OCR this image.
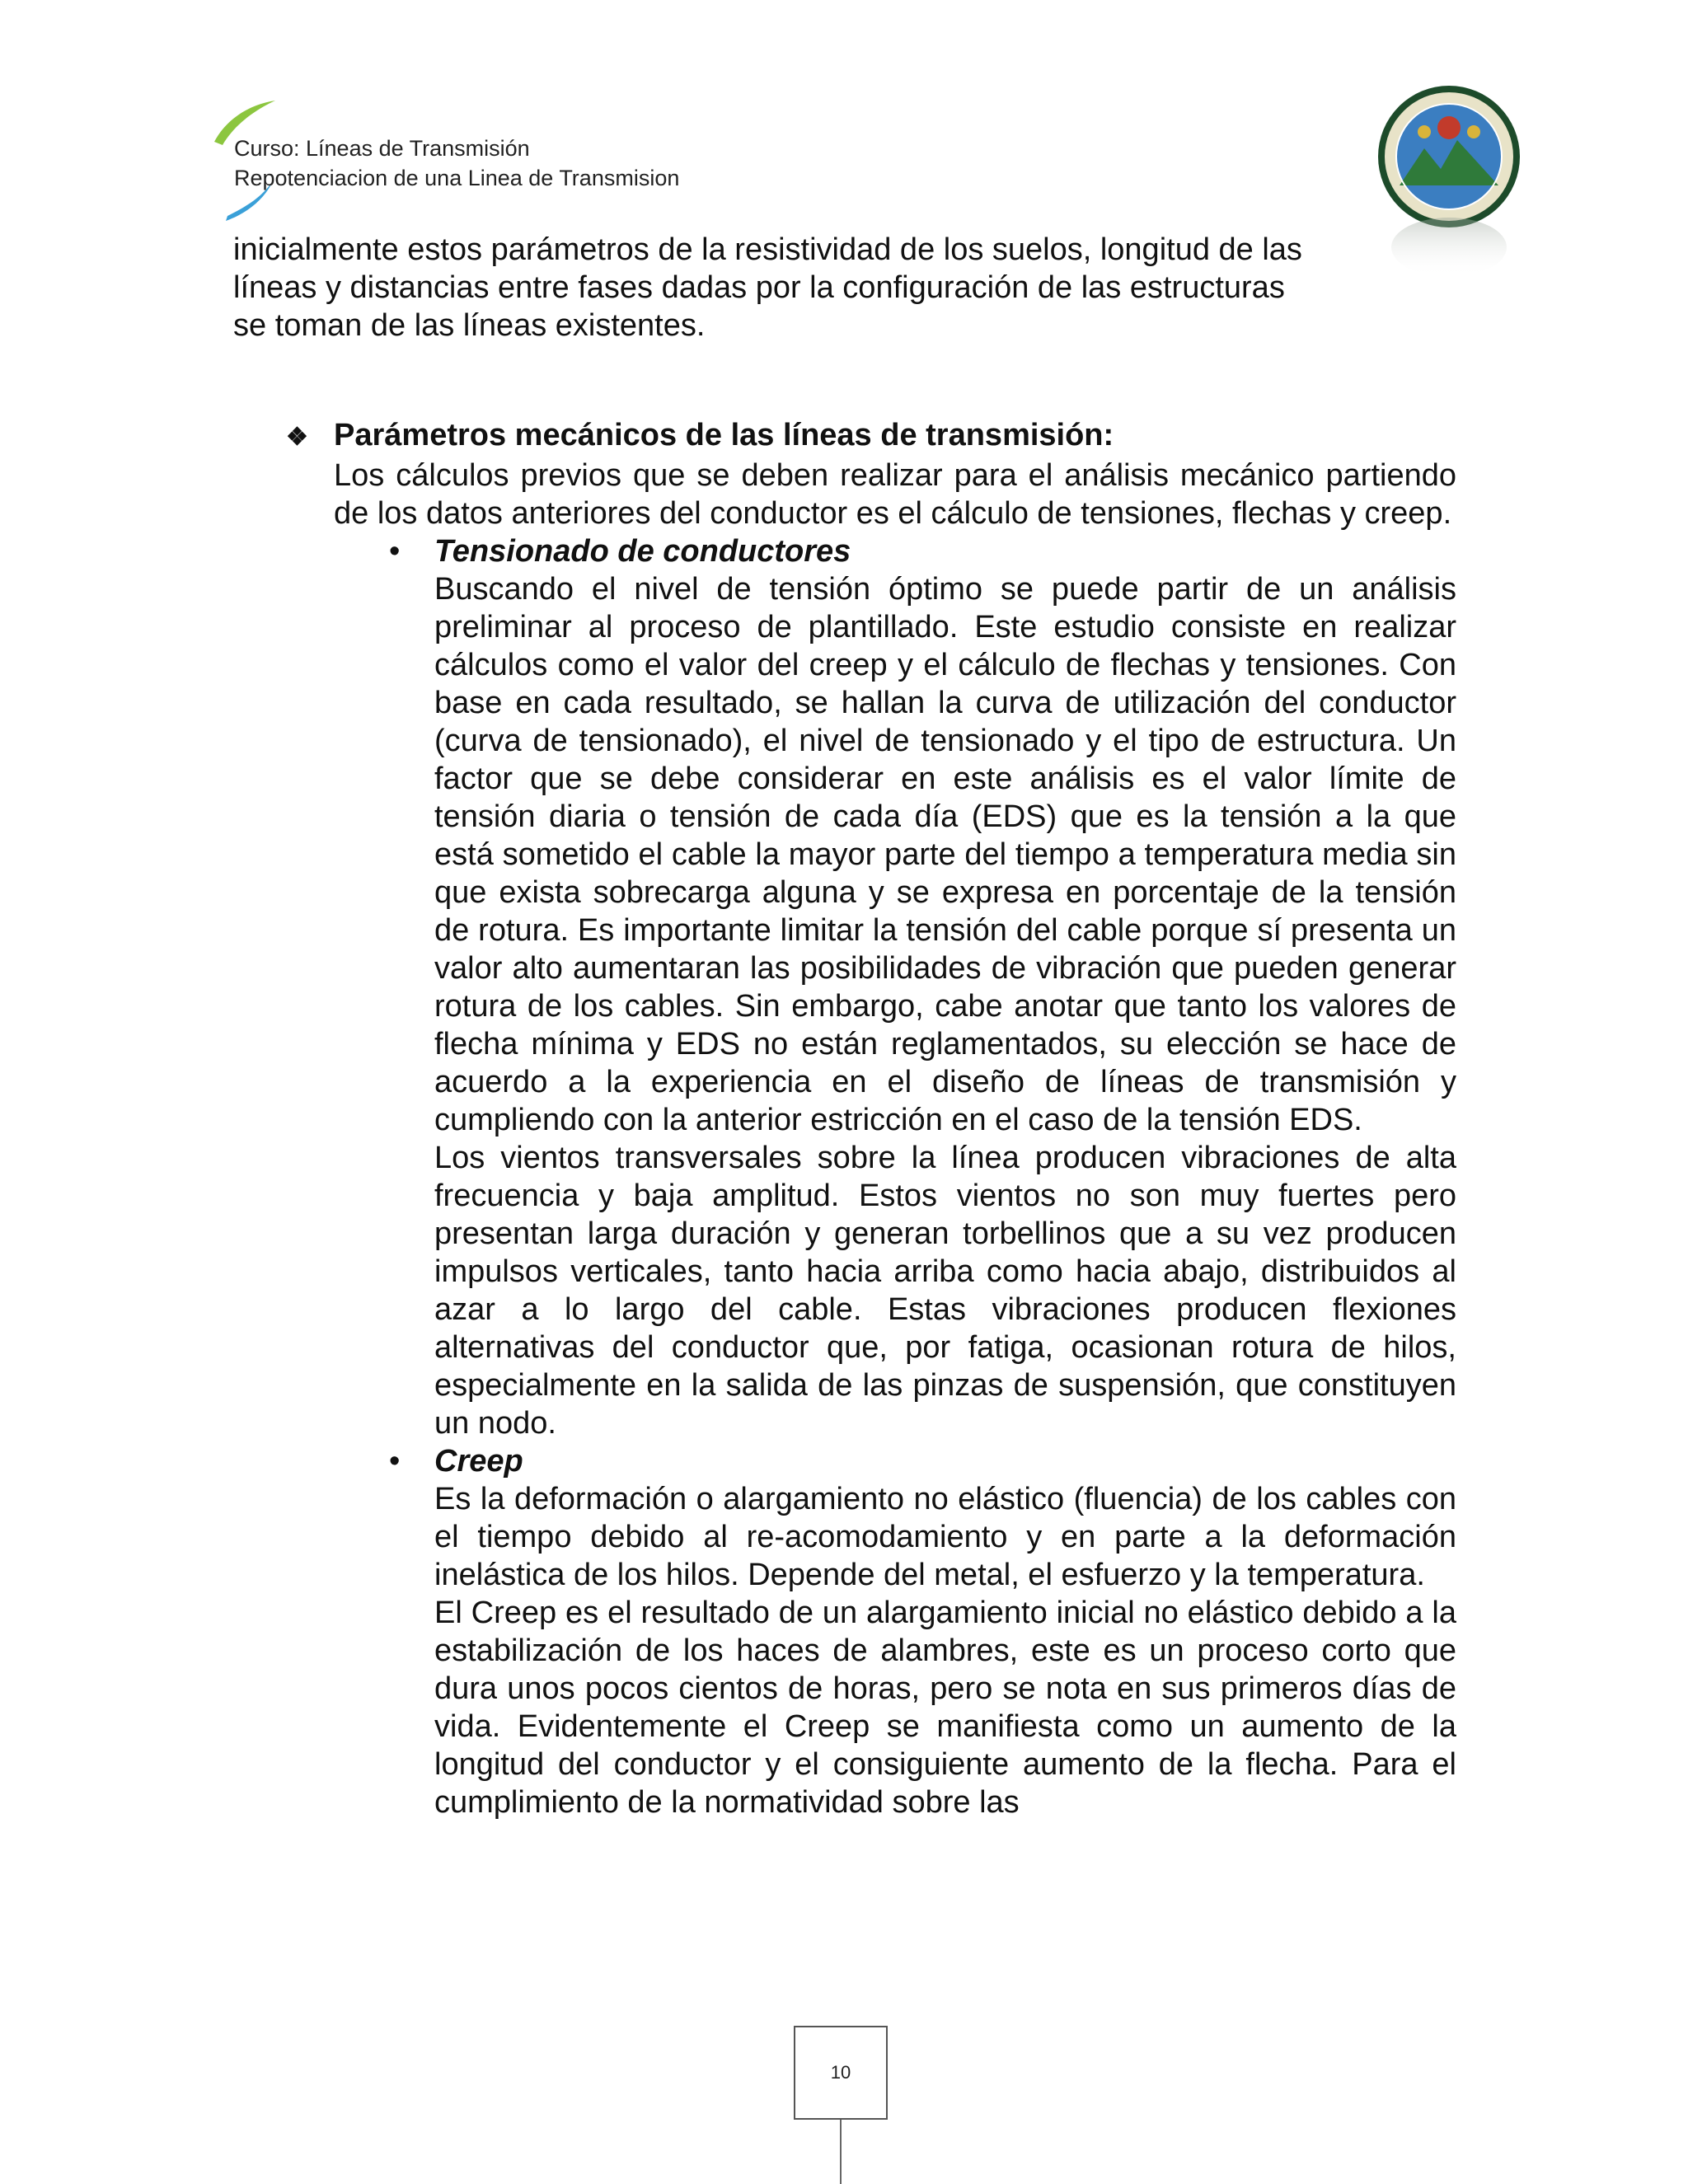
Curso: Líneas de Transmisión
Repotenciacion de una Linea de Transmision
inicialmente estos parámetros de la resistividad de los suelos, longitud de las líneas y distancias entre fases dadas por la configuración de las estructuras se toman de las líneas existentes.
❖ Parámetros mecánicos de las líneas de transmisión:
Los cálculos previos que se deben realizar para el análisis mecánico partiendo de los datos anteriores del conductor es el cálculo de tensiones, flechas y creep.
• Tensionado de conductores
Buscando el nivel de tensión óptimo se puede partir de un análisis preliminar al proceso de plantillado. Este estudio consiste en realizar cálculos como el valor del creep y el cálculo de flechas y tensiones. Con base en cada resultado, se hallan la curva de utilización del conductor (curva de tensionado), el nivel de tensionado y el tipo de estructura. Un factor que se debe considerar en este análisis es el valor límite de tensión diaria o tensión de cada día (EDS) que es la tensión a la que está sometido el cable la mayor parte del tiempo a temperatura media sin que exista sobrecarga alguna y se expresa en porcentaje de la tensión de rotura. Es importante limitar la tensión del cable porque sí presenta un valor alto aumentaran las posibilidades de vibración que pueden generar rotura de los cables. Sin embargo, cabe anotar que tanto los valores de flecha mínima y EDS no están reglamentados, su elección se hace de acuerdo a la experiencia en el diseño de líneas de transmisión y cumpliendo con la anterior estricción en el caso de la tensión EDS.
Los vientos transversales sobre la línea producen vibraciones de alta frecuencia y baja amplitud. Estos vientos no son muy fuertes pero presentan larga duración y generan torbellinos que a su vez producen impulsos verticales, tanto hacia arriba como hacia abajo, distribuidos al azar a lo largo del cable. Estas vibraciones producen flexiones alternativas del conductor que, por fatiga, ocasionan rotura de hilos, especialmente en la salida de las pinzas de suspensión, que constituyen un nodo.
• Creep
Es la deformación o alargamiento no elástico (fluencia) de los cables con el tiempo debido al re-acomodamiento y en parte a la deformación inelástica de los hilos. Depende del metal, el esfuerzo y la temperatura.
El Creep es el resultado de un alargamiento inicial no elástico debido a la estabilización de los haces de alambres, este es un proceso corto que dura unos pocos cientos de horas, pero se nota en sus primeros días de vida. Evidentemente el Creep se manifiesta como un aumento de la longitud del conductor y el consiguiente aumento de la flecha. Para el cumplimiento de la normatividad sobre las
10
